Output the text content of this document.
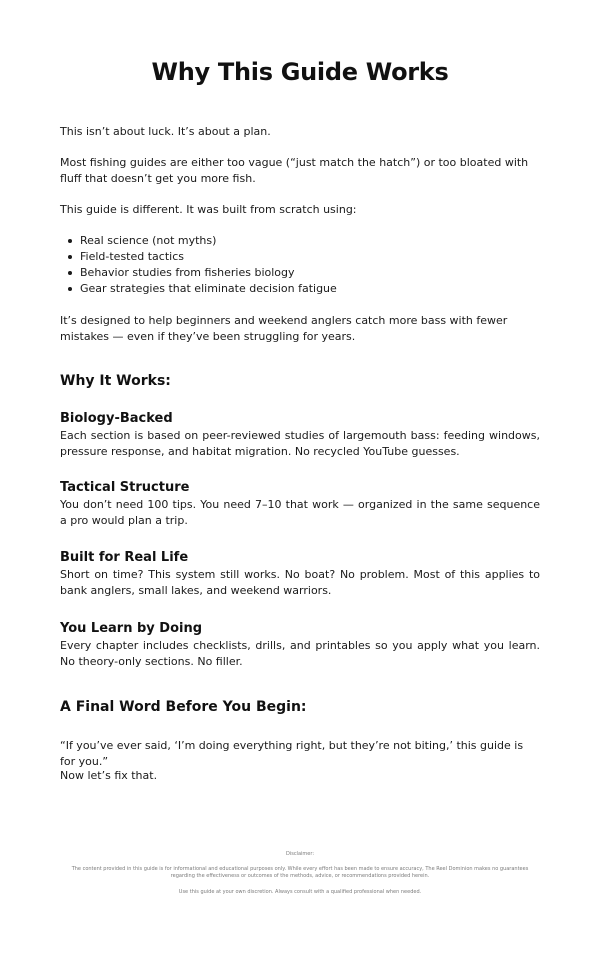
Why This Guide Works

This isn’t about luck. It’s about a plan.

Most fishing guides are either too vague (“just match the hatch”) or too bloated with fluff that doesn’t get you more fish.

This guide is different. It was built from scratch using:

Real science (not myths)
Field-tested tactics
Behavior studies from fisheries biology
Gear strategies that eliminate decision fatigue

It’s designed to help beginners and weekend anglers catch more bass with fewer mistakes — even if they’ve been struggling for years.

Why It Works:
Biology-Backed

Each section is based on peer-reviewed studies of largemouth bass: feeding windows, pressure response, and habitat migration. No recycled YouTube guesses.

Tactical Structure

You don’t need 100 tips. You need 7–10 that work — organized in the same sequence a pro would plan a trip.

Built for Real Life

Short on time? This system still works. No boat? No problem. Most of this applies to bank anglers, small lakes, and weekend warriors.

You Learn by Doing

Every chapter includes checklists, drills, and printables so you apply what you learn. No theory-only sections. No filler.

A Final Word Before You Begin:

“If you’ve ever said, ‘I’m doing everything right, but they’re not biting,’ this guide is for you.”

Now let’s fix that.

Disclaimer:

The content provided in this guide is for informational and educational purposes only. While every effort has been made to ensure accuracy, The Reel Dominion makes no guarantees regarding the effectiveness or outcomes of the methods, advice, or recommendations provided herein.

Use this guide at your own discretion. Always consult with a qualified professional when needed.
